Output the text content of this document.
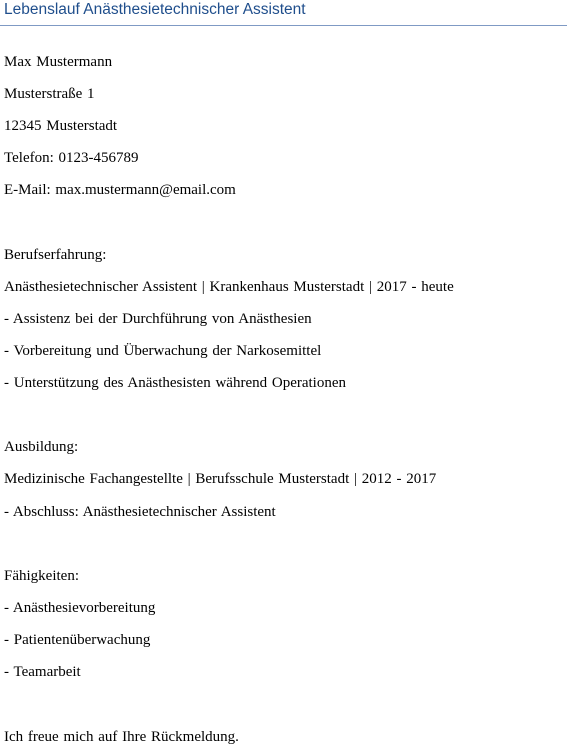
Lebenslauf Anästhesietechnischer Assistent
Max Mustermann
Musterstraße 1
12345 Musterstadt
Telefon: 0123-456789
E-Mail: max.mustermann@email.com
Berufserfahrung:
Anästhesietechnischer Assistent | Krankenhaus Musterstadt | 2017 - heute
- Assistenz bei der Durchführung von Anästhesien
- Vorbereitung und Überwachung der Narkosemittel
- Unterstützung des Anästhesisten während Operationen
Ausbildung:
Medizinische Fachangestellte | Berufsschule Musterstadt | 2012 - 2017
- Abschluss: Anästhesietechnischer Assistent
Fähigkeiten:
- Anästhesievorbereitung
- Patientenüberwachung
- Teamarbeit
Ich freue mich auf Ihre Rückmeldung.
